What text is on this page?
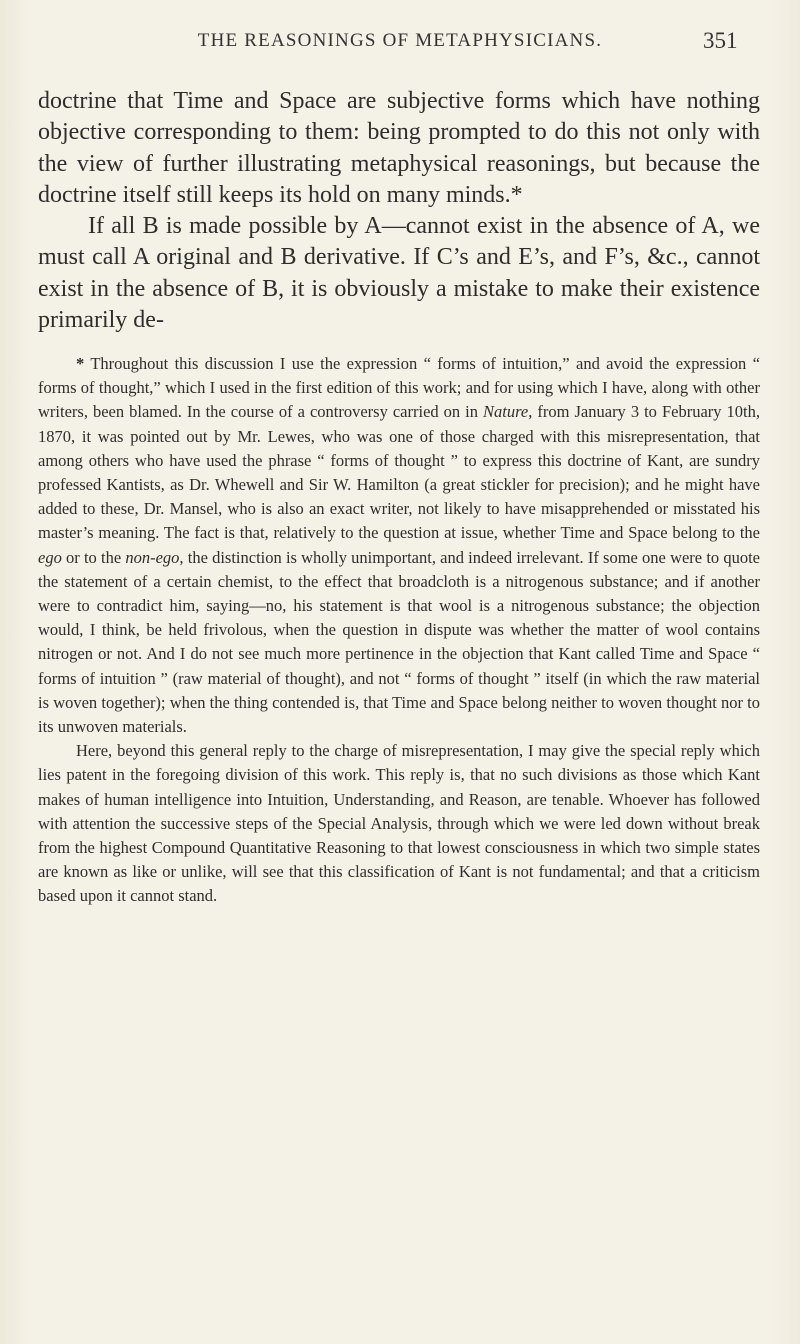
THE REASONINGS OF METAPHYSICIANS.	351

doctrine that Time and Space are subjective forms which have nothing objective corresponding to them: being prompted to do this not only with the view of further illustrating metaphysical reasonings, but because the doctrine itself still keeps its hold on many minds.*

If all B is made possible by A—cannot exist in the absence of A, we must call A original and B derivative. If C’s and E’s, and F’s, &c., cannot exist in the absence of B, it is obviously a mistake to make their existence primarily de-

* Throughout this discussion I use the expression “ forms of intuition,” and avoid the expression “ forms of thought,” which I used in the first edition of this work; and for using which I have, along with other writers, been blamed. In the course of a controversy carried on in Nature, from January 3 to February 10th, 1870, it was pointed out by Mr. Lewes, who was one of those charged with this misrepresentation, that among others who have used the phrase “ forms of thought ” to express this doctrine of Kant, are sundry professed Kantists, as Dr. Whewell and Sir W. Hamilton (a great stickler for precision); and he might have added to these, Dr. Mansel, who is also an exact writer, not likely to have misapprehended or misstated his master’s meaning. The fact is that, relatively to the question at issue, whether Time and Space belong to the ego or to the non-ego, the distinction is wholly unimportant, and indeed irrelevant. If some one were to quote the statement of a certain chemist, to the effect that broadcloth is a nitrogenous substance; and if another were to contradict him, saying—no, his statement is that wool is a nitrogenous substance; the objection would, I think, be held frivolous, when the question in dispute was whether the matter of wool contains nitrogen or not. And I do not see much more pertinence in the objection that Kant called Time and Space “ forms of intuition ” (raw material of thought), and not “ forms of thought ” itself (in which the raw material is woven together); when the thing contended is, that Time and Space belong neither to woven thought nor to its unwoven materials.

Here, beyond this general reply to the charge of misrepresentation, I may give the special reply which lies patent in the foregoing division of this work. This reply is, that no such divisions as those which Kant makes of human intelligence into Intuition, Understanding, and Reason, are tenable. Whoever has followed with attention the successive steps of the Special Analysis, through which we were led down without break from the highest Compound Quantitative Reasoning to that lowest consciousness in which two simple states are known as like or unlike, will see that this classification of Kant is not fundamental; and that a criticism based upon it cannot stand.
